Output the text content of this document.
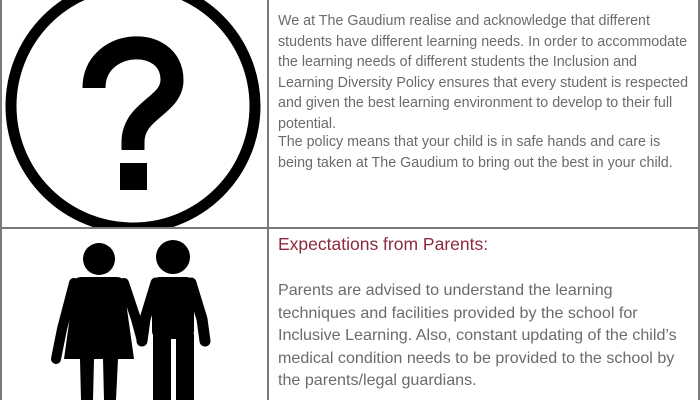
We at The Gaudium realise and acknowledge that different students have different learning needs. In order to accommodate the learning needs of different students the Inclusion and Learning Diversity Policy ensures that every student is respected and given the best learning environment to develop to their full potential.

The policy means that your child is in safe hands and care is being taken at The Gaudium to bring out the best in your child.

Expectations from Parents:

Parents are advised to understand the learning techniques and facilities provided by the school for Inclusive Learning. Also, constant updating of the child’s medical condition needs to be provided to the school by the parents/legal guardians.
